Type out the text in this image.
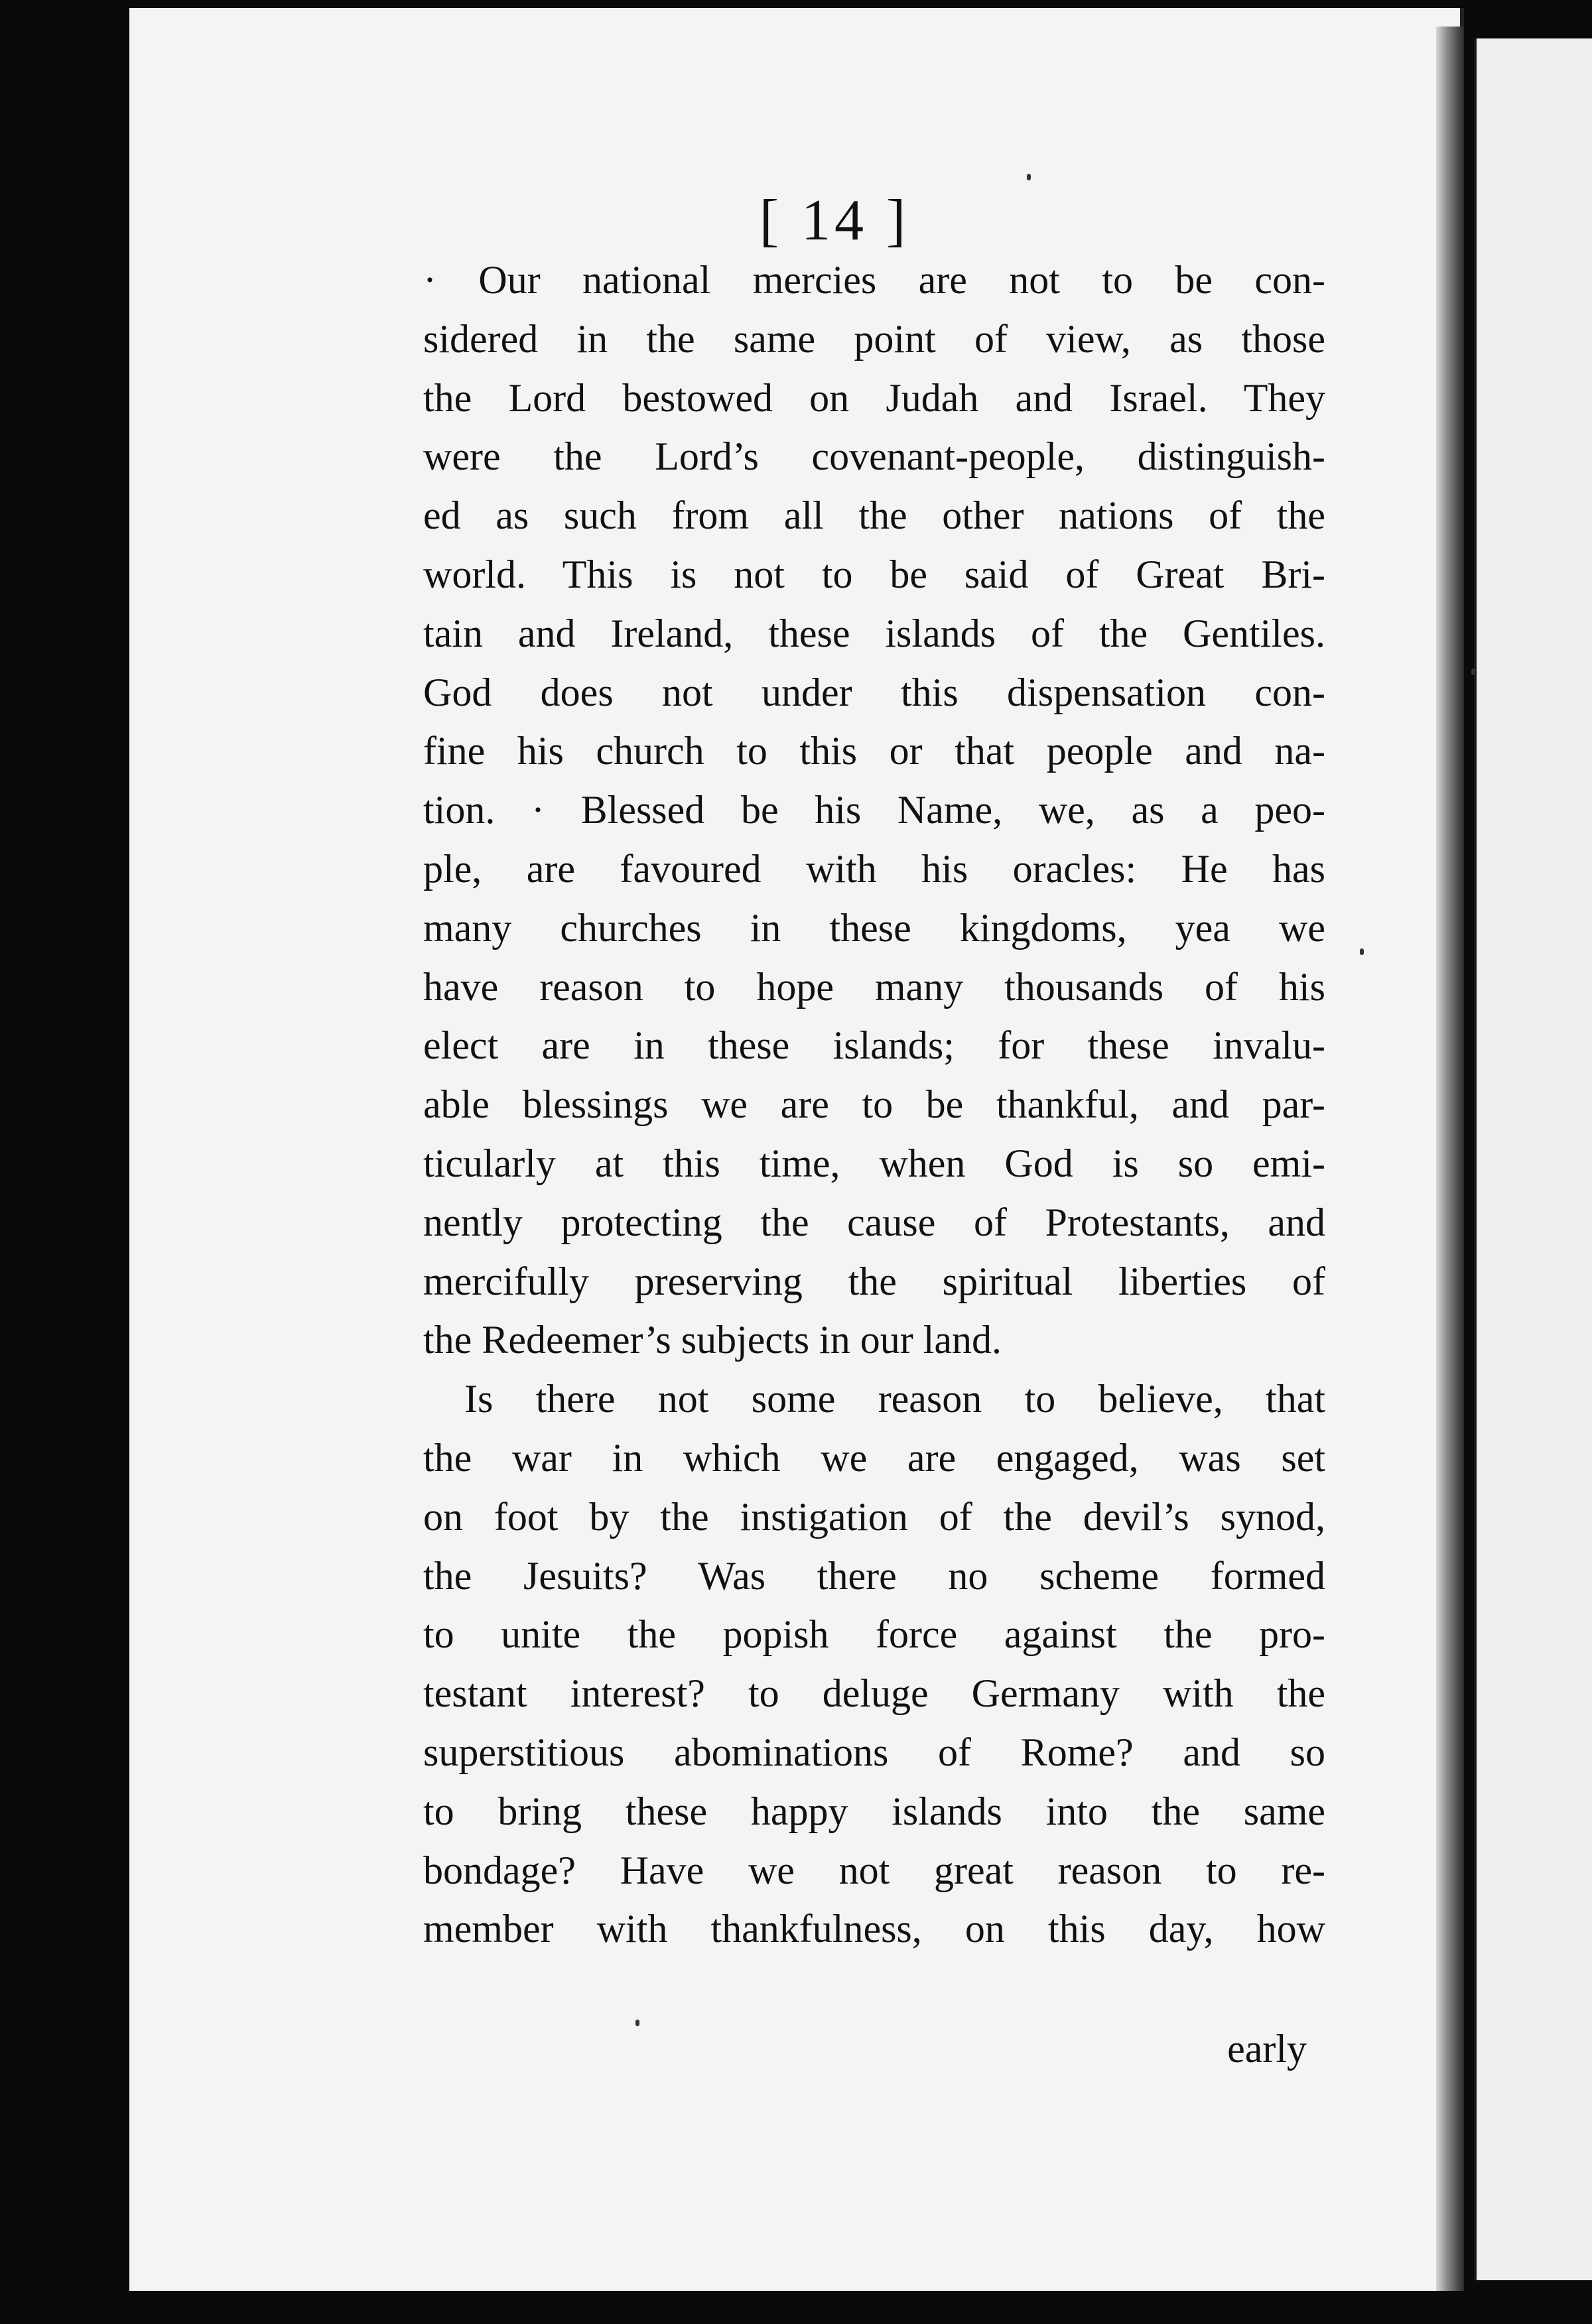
[ 14 ]
· Our national mercies are not to be con-
sidered in the same point of view, as those
the Lord bestowed on Judah and Israel. They
were the Lord’s covenant-people, distinguish-
ed as such from all the other nations of the
world. This is not to be said of Great Bri-
tain and Ireland, these islands of the Gentiles.
God does not under this dispensation con-
fine his church to this or that people and na-
tion. · Blessed be his Name, we, as a peo-
ple, are favoured with his oracles: He has
many churches in these kingdoms, yea we
have reason to hope many thousands of his
elect are in these islands; for these invalu-
able blessings we are to be thankful, and par-
ticularly at this time, when God is so emi-
nently protecting the cause of Protestants, and
mercifully preserving the spiritual liberties of
the Redeemer’s subjects in our land.
Is there not some reason to believe, that
the war in which we are engaged, was set
on foot by the instigation of the devil’s synod,
the Jesuits? Was there no scheme formed
to unite the popish force against the pro-
testant interest? to deluge Germany with the
superstitious abominations of Rome? and so
to bring these happy islands into the same
bondage? Have we not great reason to re-
member with thankfulness, on this day, how
early
